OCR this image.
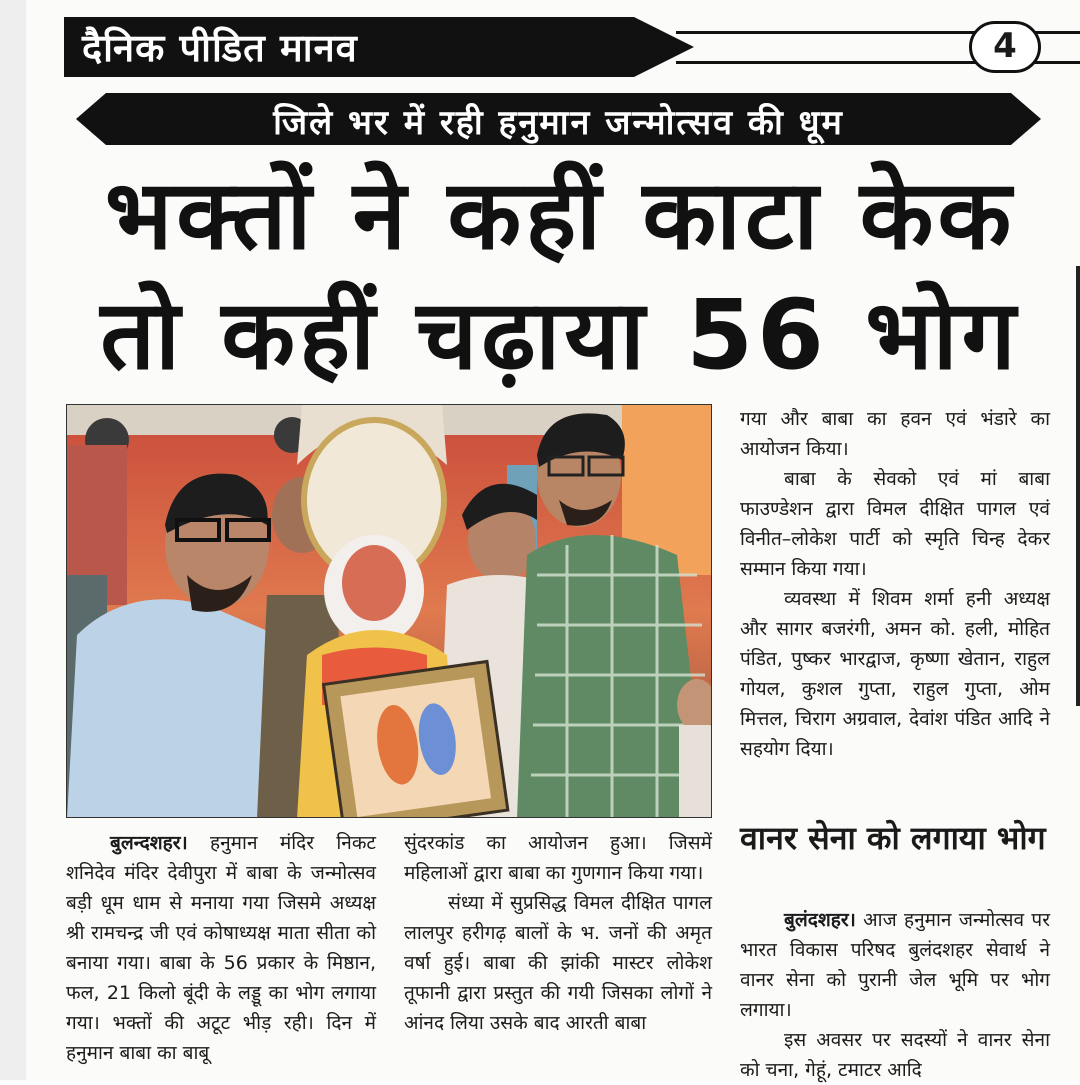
दैनिक पीडित मानव	4
जिले भर में रही हनुमान जन्मोत्सव की धूम
भक्तों ने कहीं काटा केक
तो कहीं चढ़ाया 56 भोग

बुलन्दशहर। हनुमान मंदिर निकट शनिदेव मंदिर देवीपुरा में बाबा के जन्मोत्सव बड़ी धूम धाम से मनाया गया जिसमे अध्यक्ष श्री रामचन्द्र जी एवं कोषाध्यक्ष माता सीता को बनाया गया। बाबा के 56 प्रकार के मिष्ठान, फल, 21 किलो बूंदी के लड्डू का भोग लगाया गया। भक्तों की अटूट भीड़ रही। दिन में हनुमान बाबा का बाबू

सुंदरकांड का आयोजन हुआ। जिसमें महिलाओं द्वारा बाबा का गुणगान किया गया।

संध्या में सुप्रसिद्ध विमल दीक्षित पागल लालपुर हरीगढ़ बालों के भ. जनों की अमृत वर्षा हुई। बाबा की झांकी मास्टर लोकेश तूफानी द्वारा प्रस्तुत की गयी जिसका लोगों ने आंनद लिया उसके बाद आरती बाबा

गया और बाबा का हवन एवं भंडारे का आयोजन किया।

बाबा के सेवको एवं मां बाबा फाउण्डेशन द्वारा विमल दीक्षित पागल एवं विनीत–लोकेश पार्टी को स्मृति चिन्ह देकर सम्मान किया गया।

व्यवस्था में शिवम शर्मा हनी अध्यक्ष और सागर बजरंगी, अमन को. हली, मोहित पंडित, पुष्कर भारद्वाज, कृष्णा खेतान, राहुल गोयल, कुशल गुप्ता, राहुल गुप्ता, ओम मित्तल, चिराग अग्रवाल, देवांश पंडित आदि ने सहयोग दिया।

वानर सेना को लगाया भोग

बुलंदशहर। आज हनुमान जन्मोत्सव पर भारत विकास परिषद बुलंदशहर सेवार्थ ने वानर सेना को पुरानी जेल भूमि पर भोग लगाया।

इस अवसर पर सदस्यों ने वानर सेना को चना, गेहूं, टमाटर आदि
